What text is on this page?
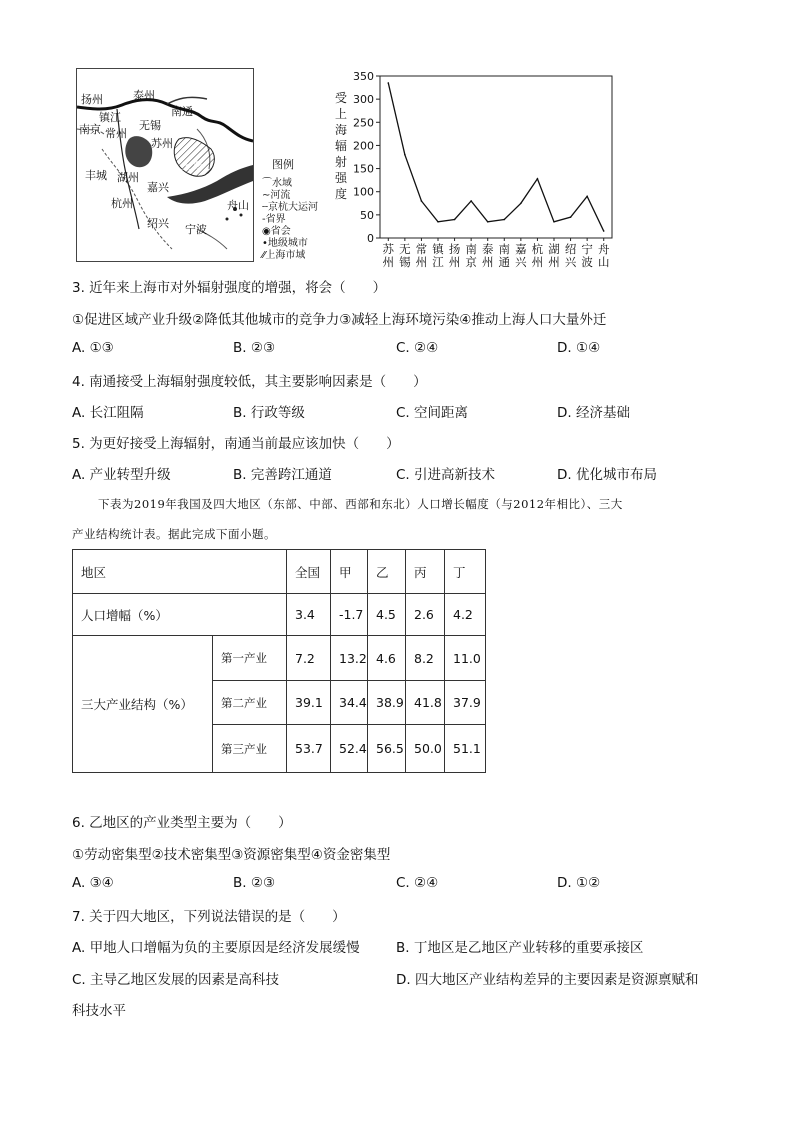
扬州	泰州
南通
南京
镇江
常州
无锡
苏州
丰城 湖州
嘉兴
上海
杭州
绍兴 宁波
舟山
图例
⌒水域
∼河流
┄京杭大运河
‐省界
◉省会
•地级城市
⁄⁄上海市域
受上海辐射强度
0
50
100
150
200
250
300
350
苏
州
无
锡
常
州
镇
江
扬
州
南
京
泰
州
南
通
嘉
兴
杭
州
湖
州
绍
兴
宁
波
舟
山
3. 近年来上海市对外辐射强度的增强，将会（　　）
①促进区域产业升级②降低其他城市的竞争力③减轻上海环境污染④推动上海人口大量外迁
A. ①③	B. ②③	C. ②④	D. ①④
4. 南通接受上海辐射强度较低，其主要影响因素是（　　）
A. 长江阻隔	B. 行政等级	C. 空间距离	D. 经济基础
5. 为更好接受上海辐射，南通当前最应该加快（　　）
A. 产业转型升级	B. 完善跨江通道	C. 引进高新技术	D. 优化城市布局
下表为2019年我国及四大地区（东部、中部、西部和东北）人口增长幅度（与2012年相比）、三大
产业结构统计表。据此完成下面小题。
地区		全国	甲	乙	丙	丁
人口增幅（%）		3.4	-1.7	4.5	2.6	4.2
三大产业结构（%）	第一产业	7.2	13.2	4.6	8.2	11.0
	第二产业	39.1	34.4	38.9	41.8	37.9
	第三产业	53.7	52.4	56.5	50.0	51.1
6. 乙地区的产业类型主要为（　　）
①劳动密集型②技术密集型③资源密集型④资金密集型
A. ③④	B. ②③	C. ②④	D. ①②
7. 关于四大地区，下列说法错误的是（　　）
A. 甲地人口增幅为负的主要原因是经济发展缓慢	B. 丁地区是乙地区产业转移的重要承接区
C. 主导乙地区发展的因素是高科技	D. 四大地区产业结构差异的主要因素是资源禀赋和
科技水平
